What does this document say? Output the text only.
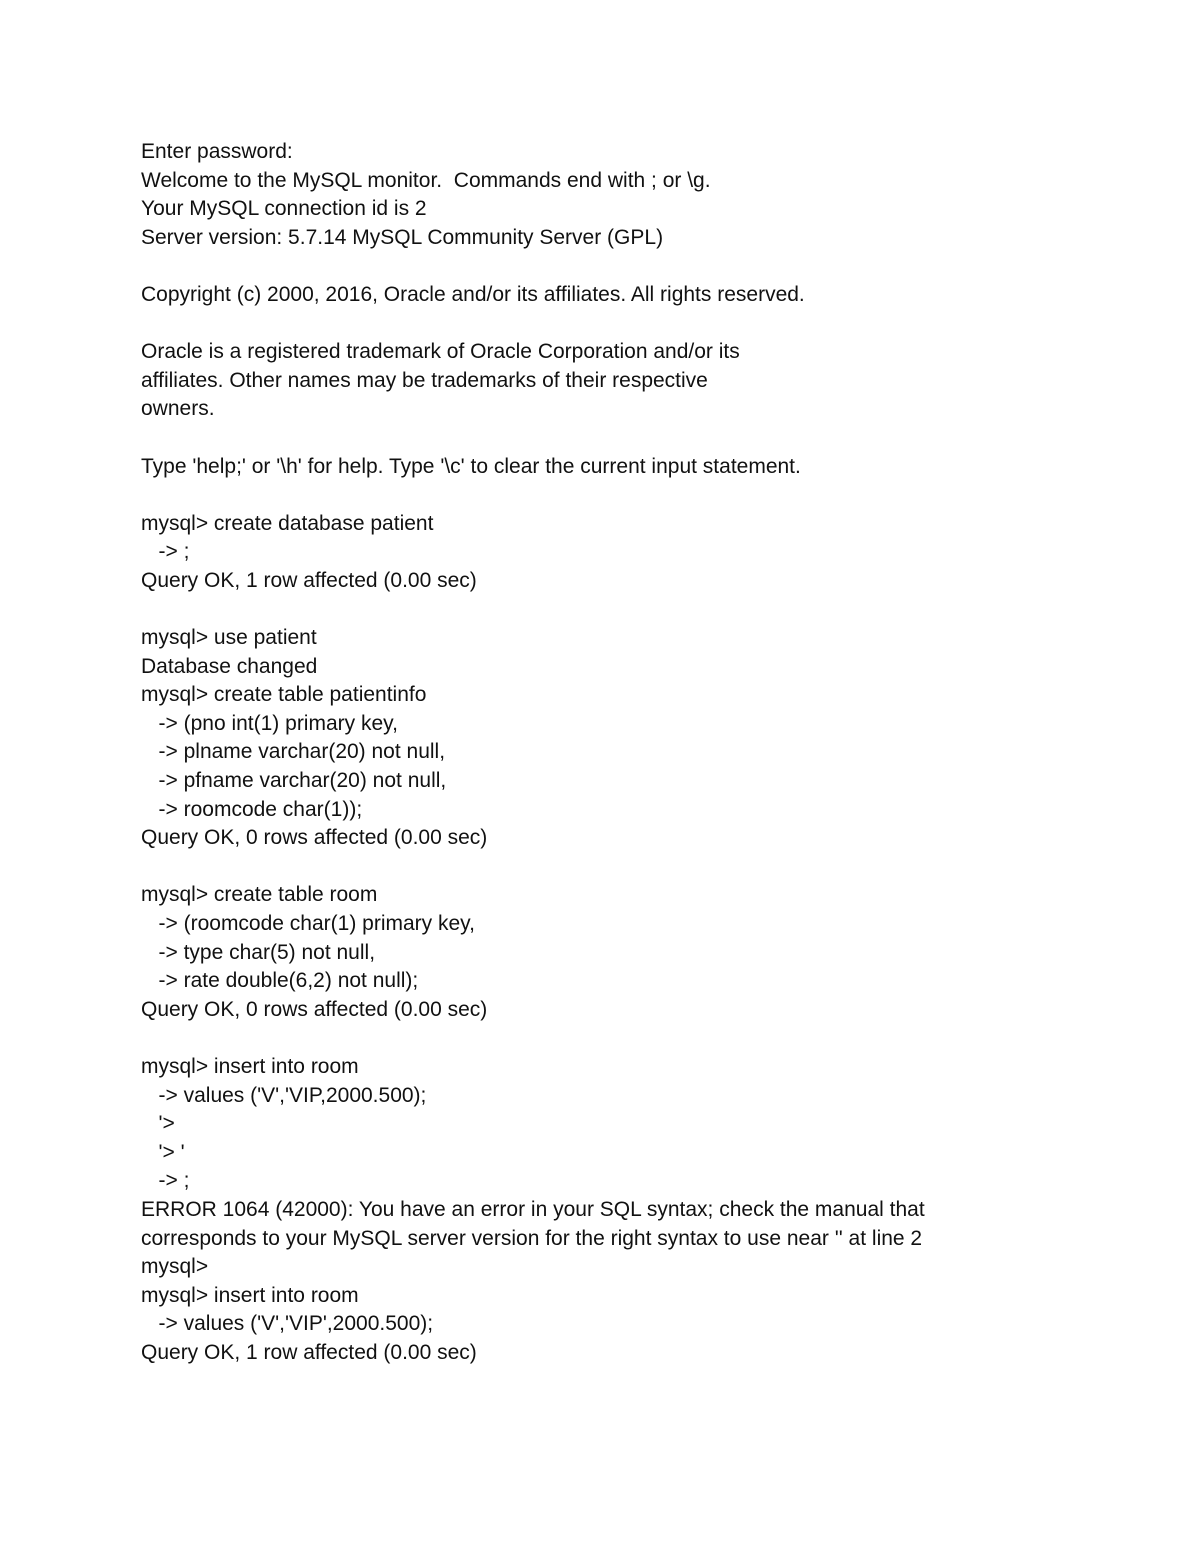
Enter password:
Welcome to the MySQL monitor.  Commands end with ; or \g.
Your MySQL connection id is 2
Server version: 5.7.14 MySQL Community Server (GPL)
Copyright (c) 2000, 2016, Oracle and/or its affiliates. All rights reserved.
Oracle is a registered trademark of Oracle Corporation and/or its
affiliates. Other names may be trademarks of their respective
owners.
Type 'help;' or '\h' for help. Type '\c' to clear the current input statement.
mysql> create database patient
-> ;
Query OK, 1 row affected (0.00 sec)
mysql> use patient
Database changed
mysql> create table patientinfo
-> (pno int(1) primary key,
-> plname varchar(20) not null,
-> pfname varchar(20) not null,
-> roomcode char(1));
Query OK, 0 rows affected (0.00 sec)
mysql> create table room
-> (roomcode char(1) primary key,
-> type char(5) not null,
-> rate double(6,2) not null);
Query OK, 0 rows affected (0.00 sec)
mysql> insert into room
-> values ('V','VIP,2000.500);
'>
'> '
-> ;
ERROR 1064 (42000): You have an error in your SQL syntax; check the manual that
corresponds to your MySQL server version for the right syntax to use near '' at line 2
mysql>
mysql> insert into room
-> values ('V','VIP',2000.500);
Query OK, 1 row affected (0.00 sec)
